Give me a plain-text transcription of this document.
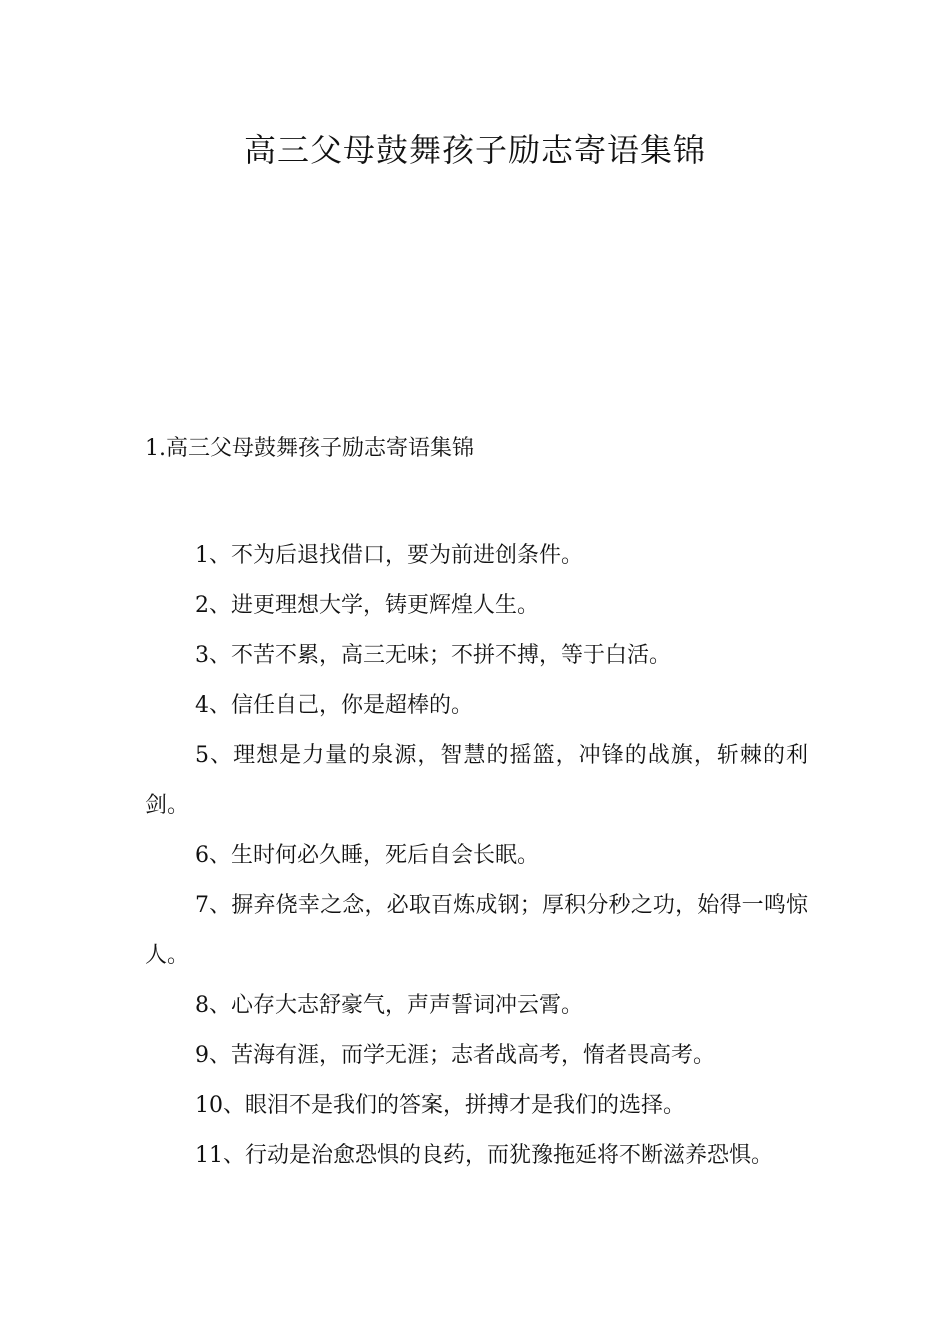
高三父母鼓舞孩子励志寄语集锦
1.高三父母鼓舞孩子励志寄语集锦

1、不为后退找借口，要为前进创条件。

2、进更理想大学，铸更辉煌人生。

3、不苦不累，高三无味；不拼不搏，等于白活。

4、信任自己，你是超棒的。

5、理想是力量的泉源，智慧的摇篮，冲锋的战旗，斩棘的利剑。

6、生时何必久睡，死后自会长眠。

7、摒弃侥幸之念，必取百炼成钢；厚积分秒之功，始得一鸣惊人。

8、心存大志舒豪气，声声誓词冲云霄。

9、苦海有涯，而学无涯；志者战高考，惰者畏高考。

10、眼泪不是我们的答案，拼搏才是我们的选择。

11、行动是治愈恐惧的良药，而犹豫拖延将不断滋养恐惧。
